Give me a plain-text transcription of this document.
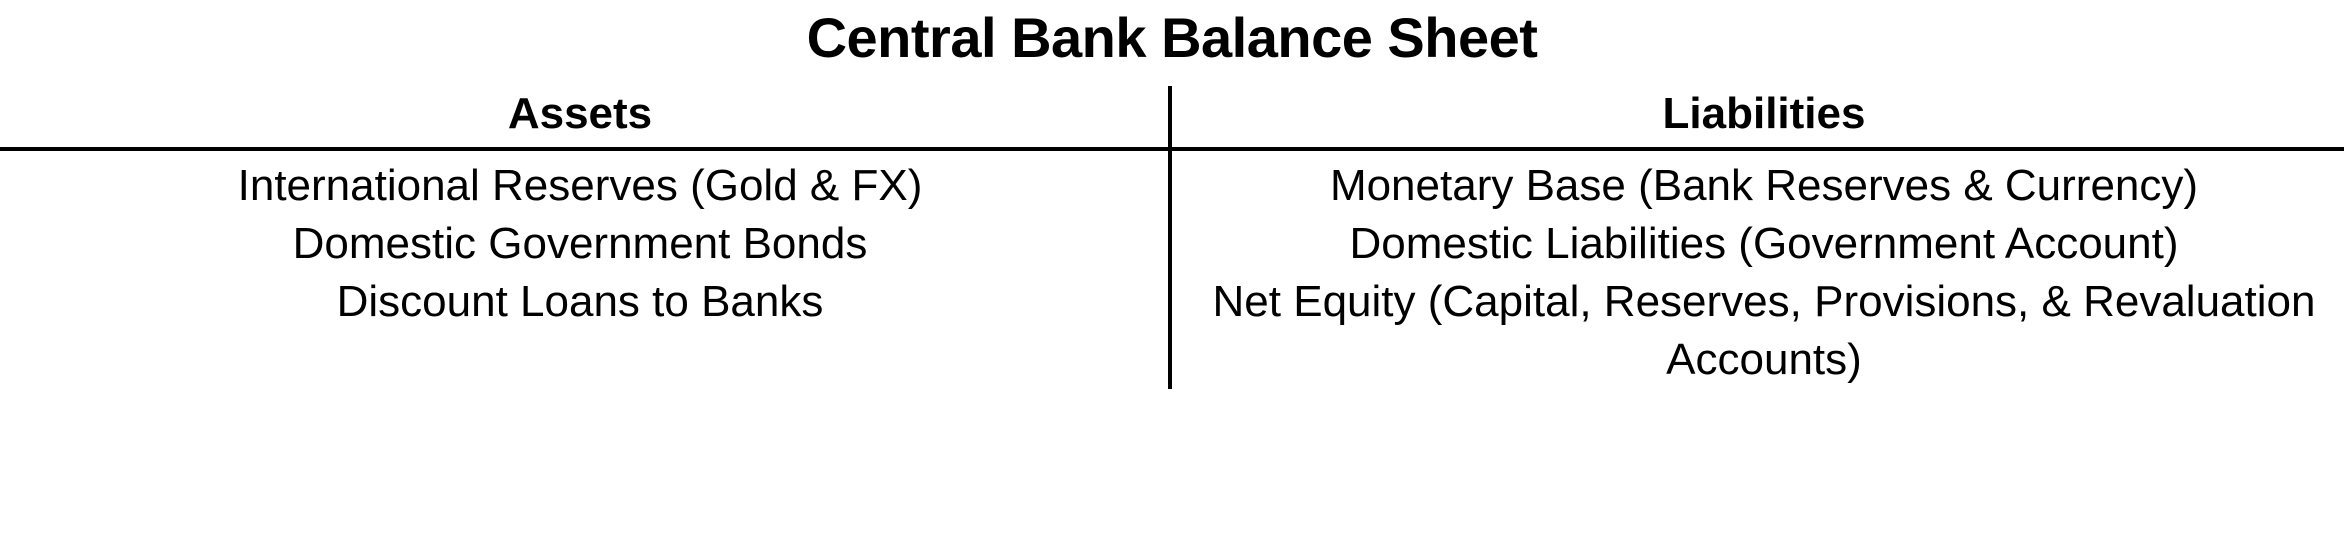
Central Bank Balance Sheet
Assets	Liabilities
International Reserves (Gold & FX)
Domestic Government Bonds
Discount Loans to Banks
Monetary Base (Bank Reserves & Currency)
Domestic Liabilities (Government Account)
Net Equity (Capital, Reserves, Provisions, & Revaluation Accounts)
